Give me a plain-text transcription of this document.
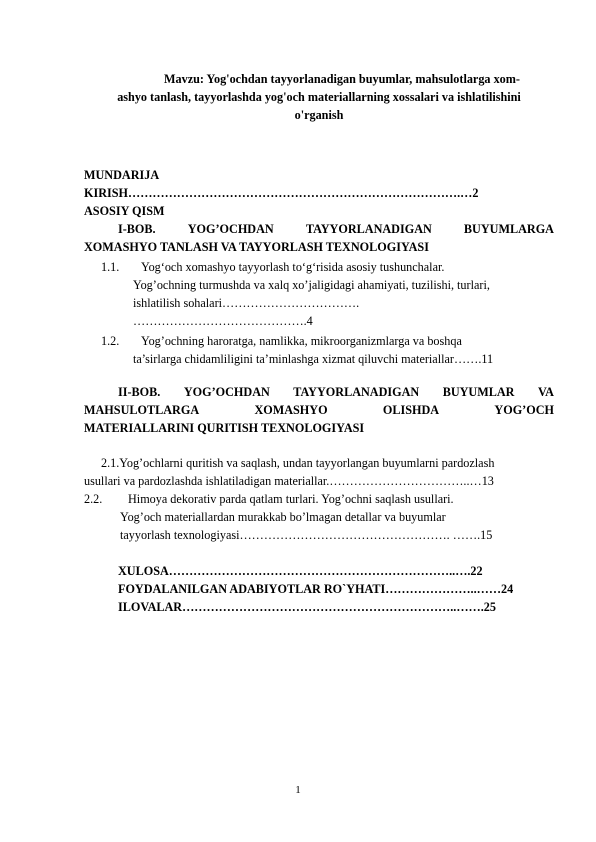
Mavzu: Yog'ochdan tayyorlanadigan buyumlar, mahsulotlarga xom-
ashyo tanlash, tayyorlashda yog'och materiallarning xossalari va ishlatilishini
o'rganish
MUNDARIJA
KIRISH……………………………………………………………………….…2
ASOSIY QISM
I-BOB.	YOG’OCHDAN	TAYYORLANADIGAN	BUYUMLARGA
XOMASHYO TANLASH VA TAYYORLASH TEXNOLOGIYASI
1.1. Yog‘och xomashyo tayyorlash to‘g‘risida asosiy tushunchalar.
Yog’ochning turmushda va xalq xo’jaligidagi ahamiyati, tuzilishi, turlari,
ishlatilish sohalari…………………………….
…………………………………….4
1.2. Yog’ochning haroratga, namlikka, mikroorganizmlarga va boshqa
ta’sirlarga chidamliligini ta’minlashga xizmat qiluvchi materiallar…….11
II-BOB. YOG’OCHDAN TAYYORLANADIGAN BUYUMLAR VA
MAHSULOTLARGA	XOMASHYO	OLISHDA	YOG’OCH
MATERIALLARINI QURITISH TEXNOLOGIYASI
2.1.Yog’ochlarni quritish va saqlash, undan tayyorlangan buyumlarni pardozlash
usullari va pardozlashda ishlatiladigan materiallar.……………………………..…13
2.2. Himoya dekorativ parda qatlam turlari. Yog’ochni saqlash usullari.
Yog’och materiallardan murakkab bo’lmagan detallar va buyumlar
tayyorlash texnologiyasi……………………………………………. …….15
XULOSA……………………………………………………………..….22
FOYDALANILGAN ADABIYOTLAR RO`YHATI…………………..……24
ILOVALAR…………………………………………………………..…….25
1
